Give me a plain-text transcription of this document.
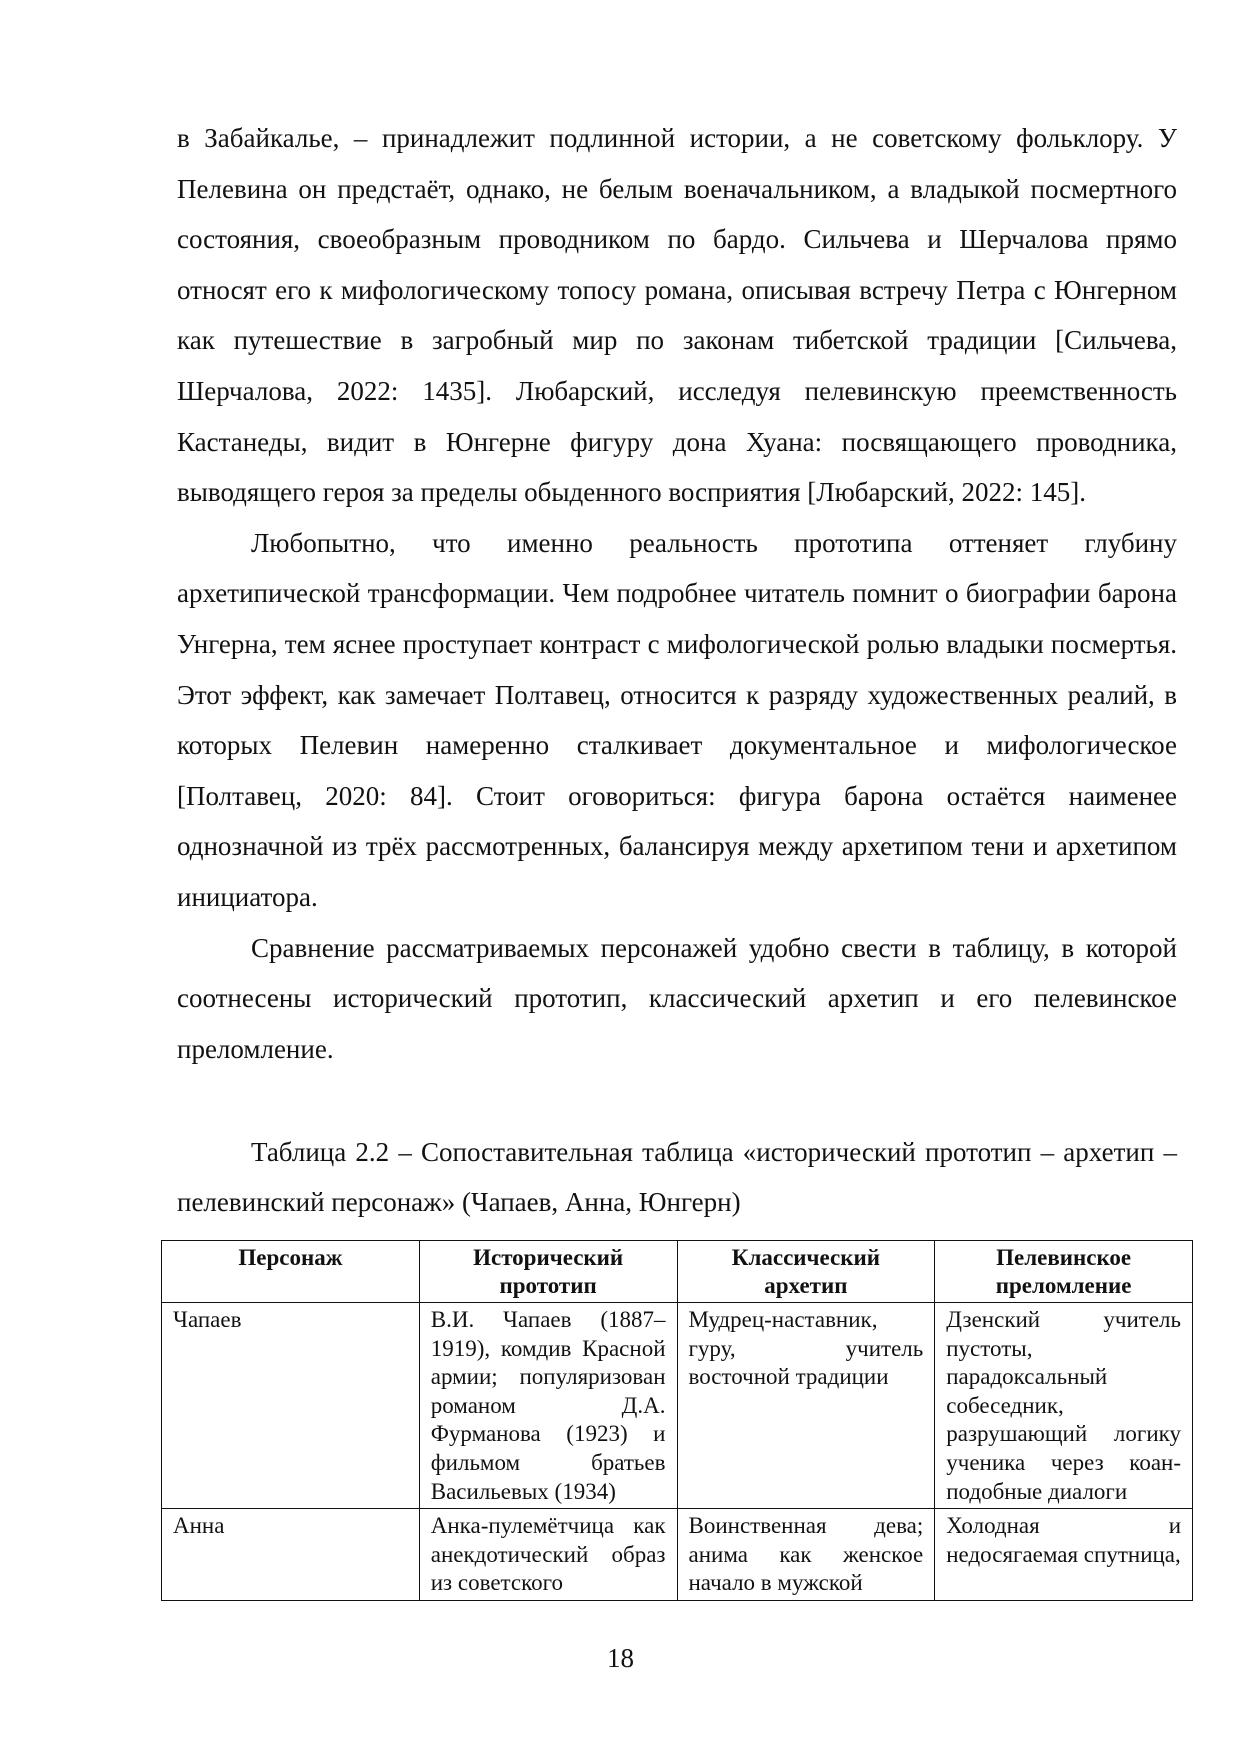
в Забайкалье, – принадлежит подлинной истории, а не советскому фольклору. У Пелевина он предстаёт, однако, не белым военачальником, а владыкой посмертного состояния, своеобразным проводником по бардо. Сильчева и Шерчалова прямо относят его к мифологическому топосу романа, описывая встречу Петра с Юнгерном как путешествие в загробный мир по законам тибетской традиции [Сильчева, Шерчалова, 2022: 1435]. Любарский, исследуя пелевинскую преемственность Кастанеды, видит в Юнгерне фигуру дона Хуана: посвящающего проводника, выводящего героя за пределы обыденного восприятия [Любарский, 2022: 145].

Любопытно, что именно реальность прототипа оттеняет глубину архетипической трансформации. Чем подробнее читатель помнит о биографии барона Унгерна, тем яснее проступает контраст с мифологической ролью владыки посмертья. Этот эффект, как замечает Полтавец, относится к разряду художественных реалий, в которых Пелевин намеренно сталкивает документальное и мифологическое [Полтавец, 2020: 84]. Стоит оговориться: фигура барона остаётся наименее однозначной из трёх рассмотренных, балансируя между архетипом тени и архетипом инициатора.

Сравнение рассматриваемых персонажей удобно свести в таблицу, в которой соотнесены исторический прототип, классический архетип и его пелевинское преломление.

Таблица 2.2 – Сопоставительная таблица «исторический прототип – архетип – пелевинский персонаж» (Чапаев, Анна, Юнгерн)

Персонаж	Исторический прототип	Классический архетип	Пелевинское преломление
Чапаев	В.И. Чапаев (1887–1919), комдив Красной армии; популяризован романом Д.А. Фурманова (1923) и фильмом братьев Васильевых (1934)	Мудрец-наставник, гуру, учитель восточной традиции	Дзенский учитель пустоты, парадоксальный собеседник, разрушающий логику ученика через коан-подобные диалоги
Анна	Анка-пулемётчица как анекдотический образ из советского	Воинственная дева; анима как женское начало в мужской	Холодная и недосягаемая спутница,
18
